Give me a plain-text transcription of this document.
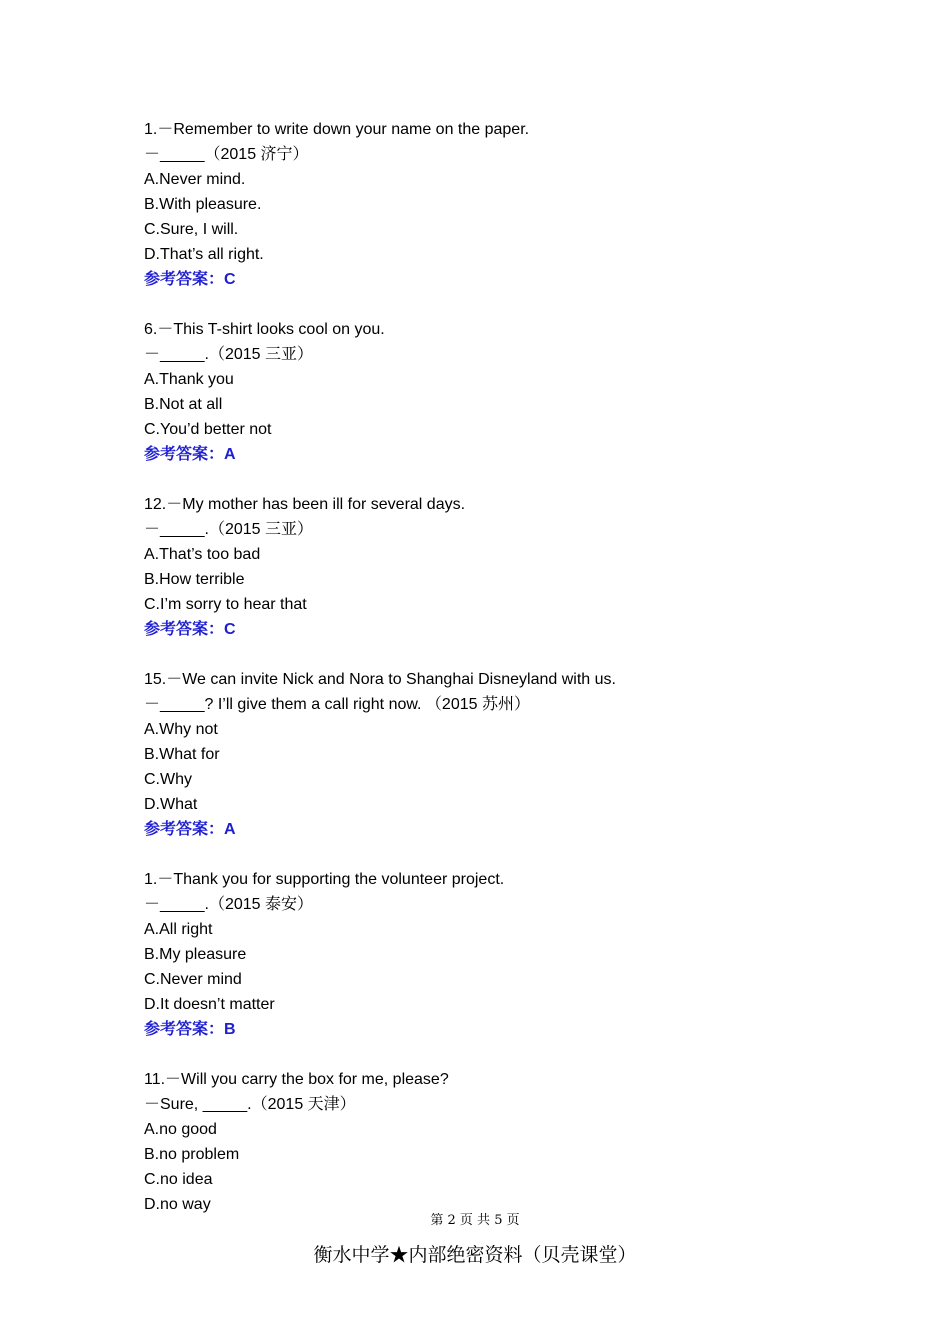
1.－Remember to write down your name on the paper.
－_____（2015 济宁）
A.Never mind.
B.With pleasure.
C.Sure, I will.
D.That’s all right.
参考答案：C
6.－This T-shirt looks cool on you.
－_____.（2015 三亚）
A.Thank you
B.Not at all
C.You’d better not
参考答案：A
12.－My mother has been ill for several days.
－_____.（2015 三亚）
A.That’s too bad
B.How terrible
C.I’m sorry to hear that
参考答案：C
15.－We can invite Nick and Nora to Shanghai Disneyland with us.
－_____? I’ll give them a call right now. （2015 苏州）
A.Why not
B.What for
C.Why
D.What
参考答案：A
1.－Thank you for supporting the volunteer project.
－_____.（2015 泰安）
A.All right
B.My pleasure
C.Never mind
D.It doesn’t matter
参考答案：B
11.－Will you carry the box for me, please?
－Sure, _____.（2015 天津）
A.no good
B.no problem
C.no idea
D.no way
第 2 页 共 5 页
衡水中学★内部绝密资料（贝壳课堂）
